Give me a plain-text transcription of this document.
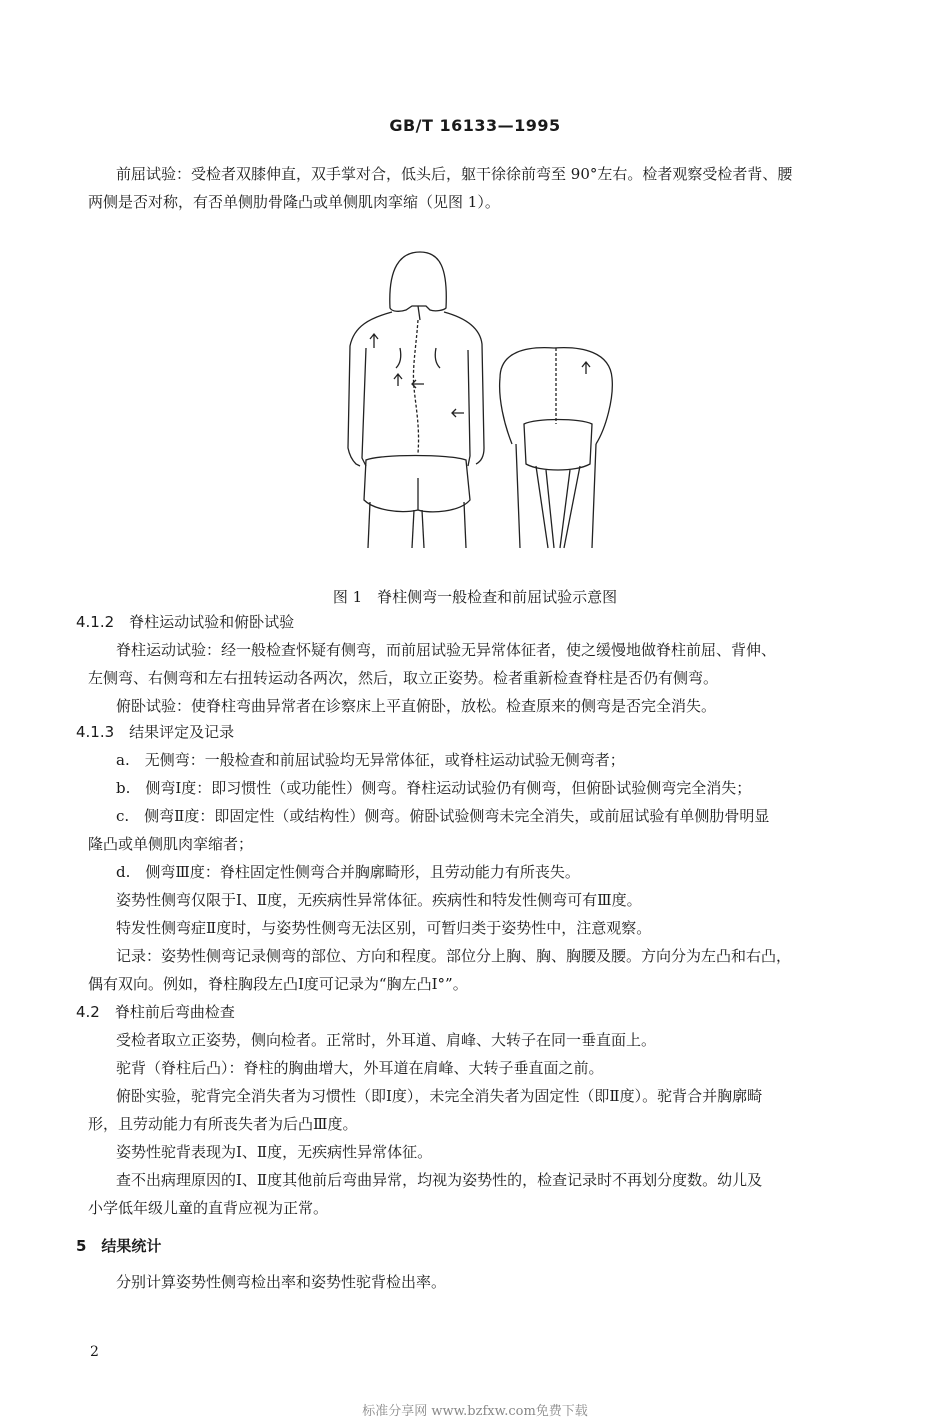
GB/T 16133—1995
前屈试验：受检者双膝伸直，双手掌对合，低头后，躯干徐徐前弯至 90°左右。检者观察受检者背、腰
两侧是否对称，有否单侧肋骨隆凸或单侧肌肉挛缩（见图 1）。
图 1　脊柱侧弯一般检查和前屈试验示意图
4.1.2　脊柱运动试验和俯卧试验
脊柱运动试验：经一般检查怀疑有侧弯，而前屈试验无异常体征者，使之缓慢地做脊柱前屈、背伸、
左侧弯、右侧弯和左右扭转运动各两次，然后，取立正姿势。检者重新检查脊柱是否仍有侧弯。
俯卧试验：使脊柱弯曲异常者在诊察床上平直俯卧，放松。检查原来的侧弯是否完全消失。
4.1.3　结果评定及记录
a.　无侧弯：一般检查和前屈试验均无异常体征，或脊柱运动试验无侧弯者；
b.　侧弯Ⅰ度：即习惯性（或功能性）侧弯。脊柱运动试验仍有侧弯，但俯卧试验侧弯完全消失；
c.　侧弯Ⅱ度：即固定性（或结构性）侧弯。俯卧试验侧弯未完全消失，或前屈试验有单侧肋骨明显
隆凸或单侧肌肉挛缩者；
d.　侧弯Ⅲ度：脊柱固定性侧弯合并胸廓畸形，且劳动能力有所丧失。
姿势性侧弯仅限于Ⅰ、Ⅱ度，无疾病性异常体征。疾病性和特发性侧弯可有Ⅲ度。
特发性侧弯症Ⅱ度时，与姿势性侧弯无法区别，可暂归类于姿势性中，注意观察。
记录：姿势性侧弯记录侧弯的部位、方向和程度。部位分上胸、胸、胸腰及腰。方向分为左凸和右凸，
偶有双向。例如，脊柱胸段左凸Ⅰ度可记录为“胸左凸Ⅰ°”。
4.2　脊柱前后弯曲检查
受检者取立正姿势，侧向检者。正常时，外耳道、肩峰、大转子在同一垂直面上。
驼背（脊柱后凸）：脊柱的胸曲增大，外耳道在肩峰、大转子垂直面之前。
俯卧实验，驼背完全消失者为习惯性（即Ⅰ度），未完全消失者为固定性（即Ⅱ度）。驼背合并胸廓畸
形，且劳动能力有所丧失者为后凸Ⅲ度。
姿势性驼背表现为Ⅰ、Ⅱ度，无疾病性异常体征。
查不出病理原因的Ⅰ、Ⅱ度其他前后弯曲异常，均视为姿势性的，检查记录时不再划分度数。幼儿及
小学低年级儿童的直背应视为正常。
5　结果统计
分别计算姿势性侧弯检出率和姿势性驼背检出率。
2
标准分享网 www.bzfxw.com免费下载
